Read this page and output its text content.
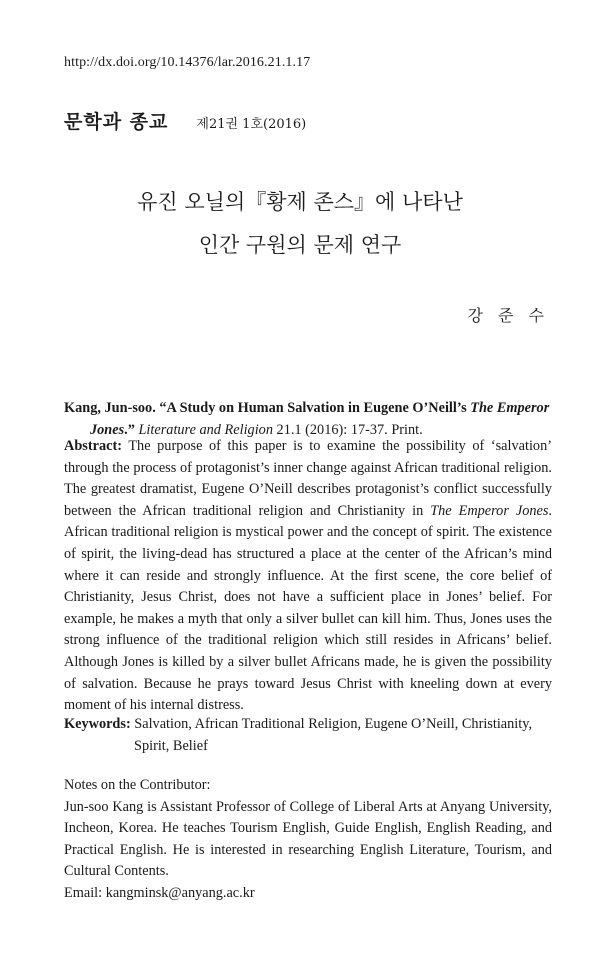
http://dx.doi.org/10.14376/lar.2016.21.1.17
문학과 종교 제21권 1호(2016)
유진 오닐의『황제 존스』에 나타난
인간 구원의 문제 연구
강 준 수
Kang, Jun-soo. “A Study on Human Salvation in Eugene O’Neill’s The Emperor
Jones.” Literature and Religion 21.1 (2016): 17-37. Print.
Abstract: The purpose of this paper is to examine the possibility of ‘salvation’ through the process of protagonist’s inner change against African traditional religion. The greatest dramatist, Eugene O’Neill describes protagonist’s conflict successfully between the African traditional religion and Christianity in The Emperor Jones. African traditional religion is mystical power and the concept of spirit. The existence of spirit, the living-dead has structured a place at the center of the African’s mind where it can reside and strongly influence. At the first scene, the core belief of Christianity, Jesus Christ, does not have a sufficient place in Jones’ belief. For example, he makes a myth that only a silver bullet can kill him. Thus, Jones uses the strong influence of the traditional religion which still resides in Africans’ belief. Although Jones is killed by a silver bullet Africans made, he is given the possibility of salvation. Because he prays toward Jesus Christ with kneeling down at every moment of his internal distress.
Keywords: Salvation, African Traditional Religion, Eugene O’Neill, Christianity,
Spirit, Belief
Notes on the Contributor:
Jun-soo Kang is Assistant Professor of College of Liberal Arts at Anyang University, Incheon, Korea. He teaches Tourism English, Guide English, English Reading, and Practical English. He is interested in researching English Literature, Tourism, and Cultural Contents.
Email: kangminsk@anyang.ac.kr
